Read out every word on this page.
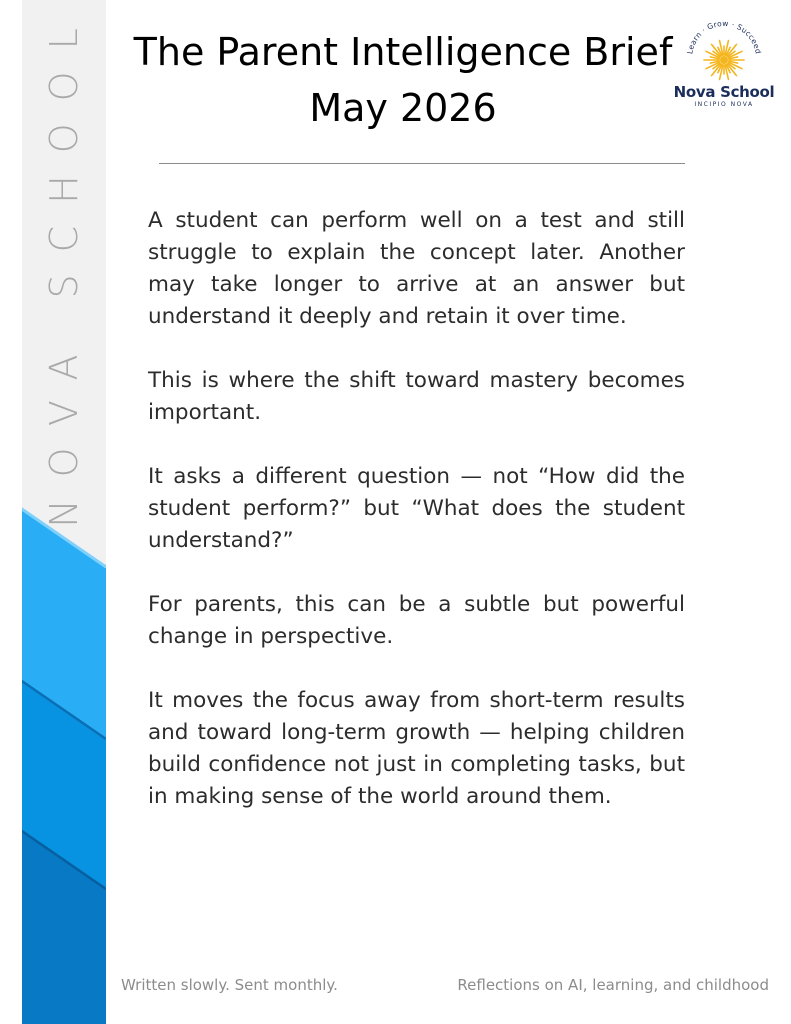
NOVA SCHOOL	The Parent Intelligence Brief
May 2026
Learn · Grow · Succeed
Nova School
INCIPIO NOVA

A student can perform well on a test and still struggle to explain the concept later. Another may take longer to arrive at an answer but understand it deeply and retain it over time.

This is where the shift toward mastery becomes important.

It asks a different question — not “How did the student perform?” but “What does the student understand?”

For parents, this can be a subtle but powerful change in perspective.

It moves the focus away from short-term results and toward long-term growth — helping children build confidence not just in completing tasks, but in making sense of the world around them.

Written slowly. Sent monthly.	Reflections on AI, learning, and childhood
